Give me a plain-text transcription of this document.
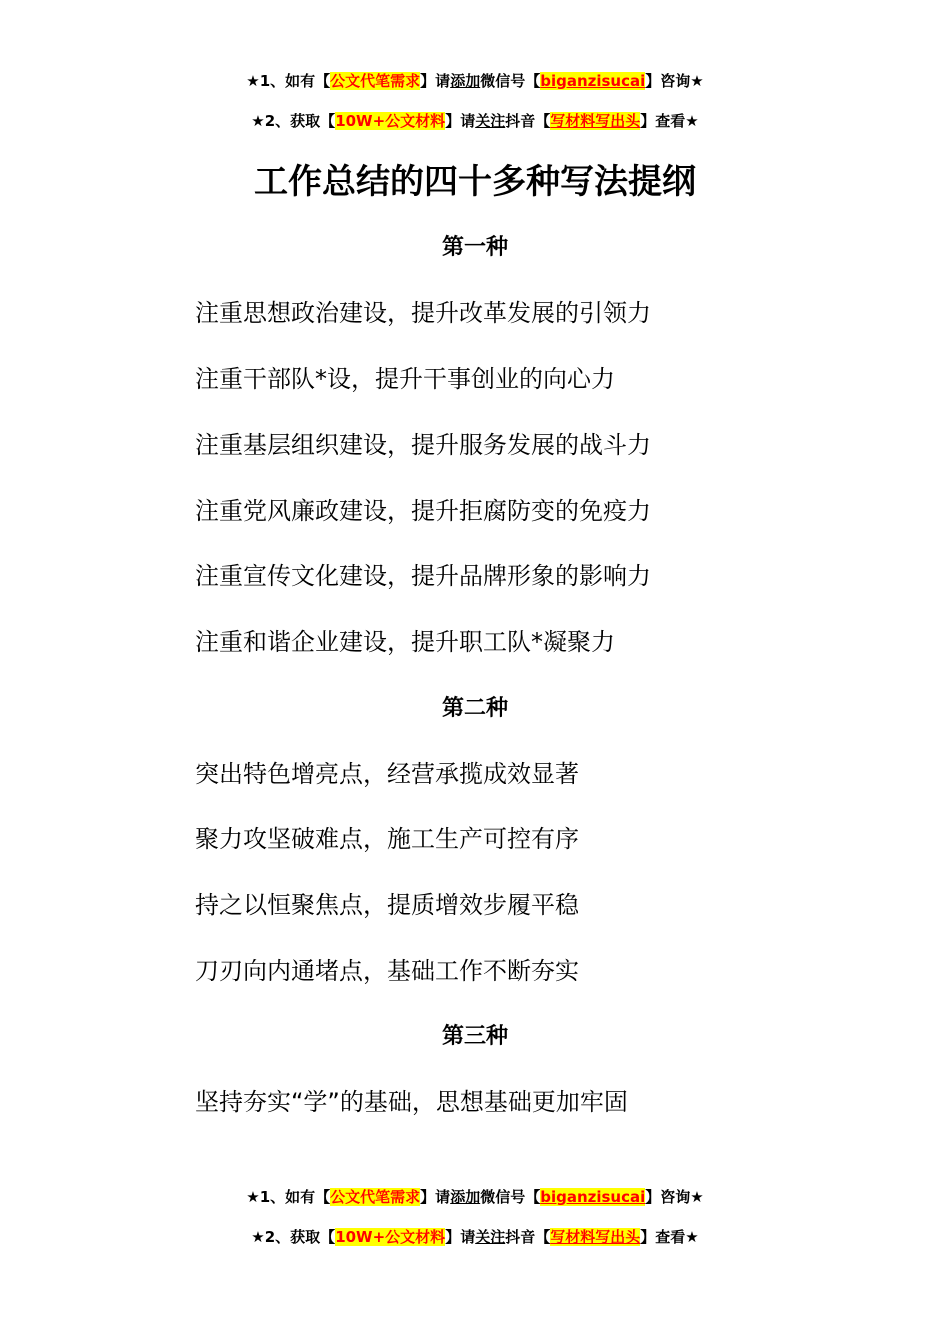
★1、如有【公文代笔需求】请添加微信号【biganzisucai】咨询★
★2、获取【10W+公文材料】请关注抖音【写材料写出头】查看★
工作总结的四十多种写法提纲
第一种
注重思想政治建设，提升改革发展的引领力
注重干部队*设，提升干事创业的向心力
注重基层组织建设，提升服务发展的战斗力
注重党风廉政建设，提升拒腐防变的免疫力
注重宣传文化建设，提升品牌形象的影响力
注重和谐企业建设，提升职工队*凝聚力
第二种
突出特色增亮点，经营承揽成效显著
聚力攻坚破难点，施工生产可控有序
持之以恒聚焦点，提质增效步履平稳
刀刃向内通堵点，基础工作不断夯实
第三种
坚持夯实“学”的基础，思想基础更加牢固
★1、如有【公文代笔需求】请添加微信号【biganzisucai】咨询★
★2、获取【10W+公文材料】请关注抖音【写材料写出头】查看★
